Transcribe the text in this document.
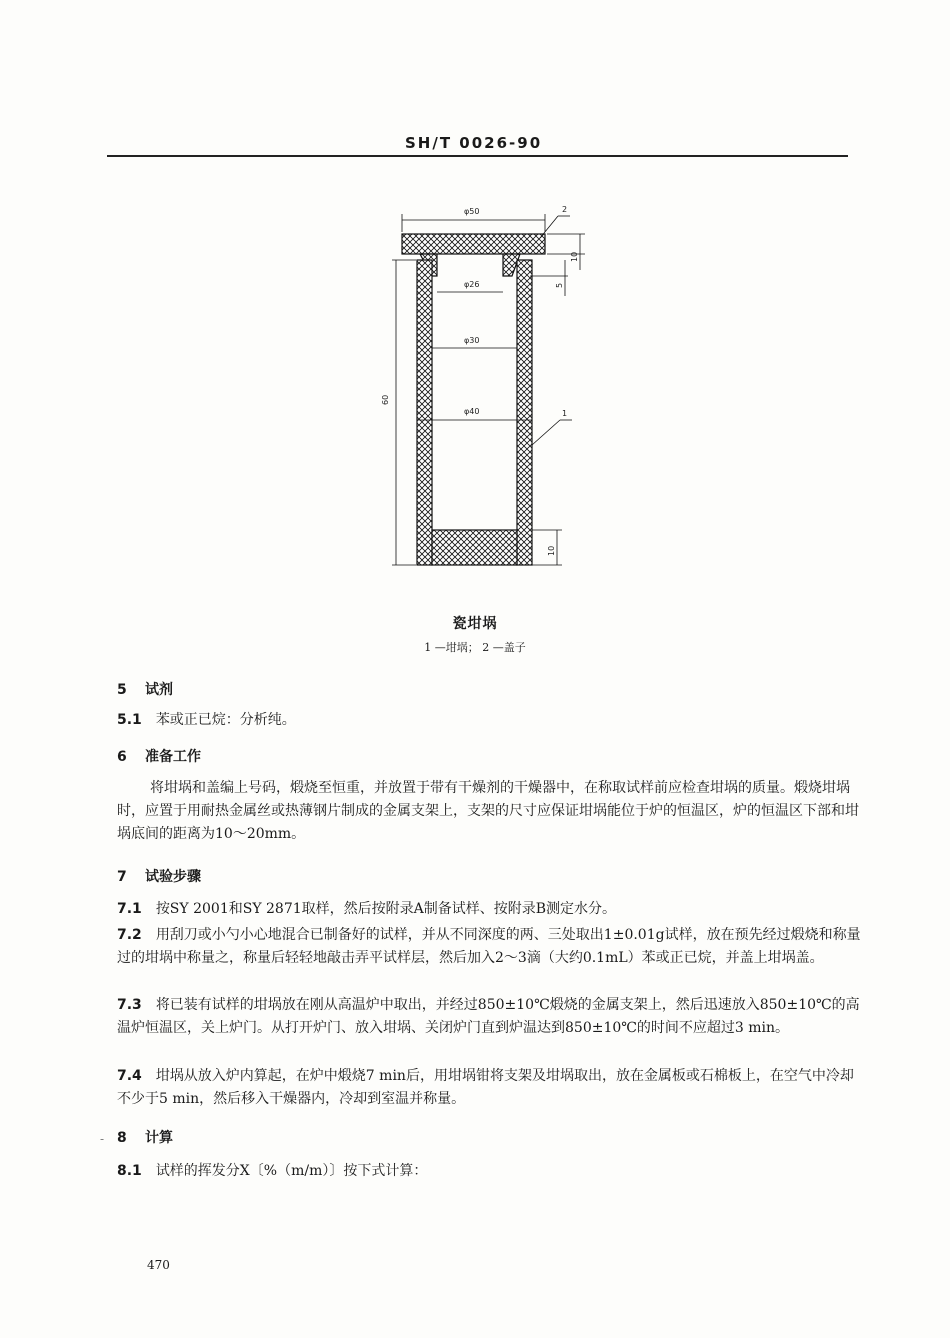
SH/T 0026-90
φ50	2
φ26
φ30
φ40	1
60
10
5
10
瓷坩埚
1 —坩埚； 2 —盖子
5 试剂
5.1 苯或正已烷：分析纯。
6 准备工作
将坩埚和盖编上号码，煅烧至恒重，并放置于带有干燥剂的干燥器中，在称取试样前应检查坩埚的质量。煅烧坩埚时，应置于用耐热金属丝或热薄钢片制成的金属支架上，支架的尺寸应保证坩埚能位于炉的恒温区，炉的恒温区下部和坩埚底间的距离为10～20mm。
7 试验步骤
7.1 按SY 2001和SY 2871取样，然后按附录A制备试样、按附录B测定水分。
7.2 用刮刀或小勺小心地混合已制备好的试样，并从不同深度的两、三处取出1±0.01g试样，放在预先经过煅烧和称量过的坩埚中称量之，称量后轻轻地敲击弄平试样层，然后加入2～3滴（大约0.1mL）苯或正已烷，并盖上坩埚盖。
7.3 将已装有试样的坩埚放在刚从高温炉中取出，并经过850±10℃煅烧的金属支架上，然后迅速放入850±10℃的高温炉恒温区，关上炉门。从打开炉门、放入坩埚、关闭炉门直到炉温达到850±10℃的时间不应超过3 min。
7.4 坩埚从放入炉内算起，在炉中煅烧7 min后，用坩埚钳将支架及坩埚取出，放在金属板或石棉板上，在空气中冷却不少于5 min，然后移入干燥器内，冷却到室温并称量。
- 8 计算
8.1 试样的挥发分X〔%（m/m）〕按下式计算：
470
